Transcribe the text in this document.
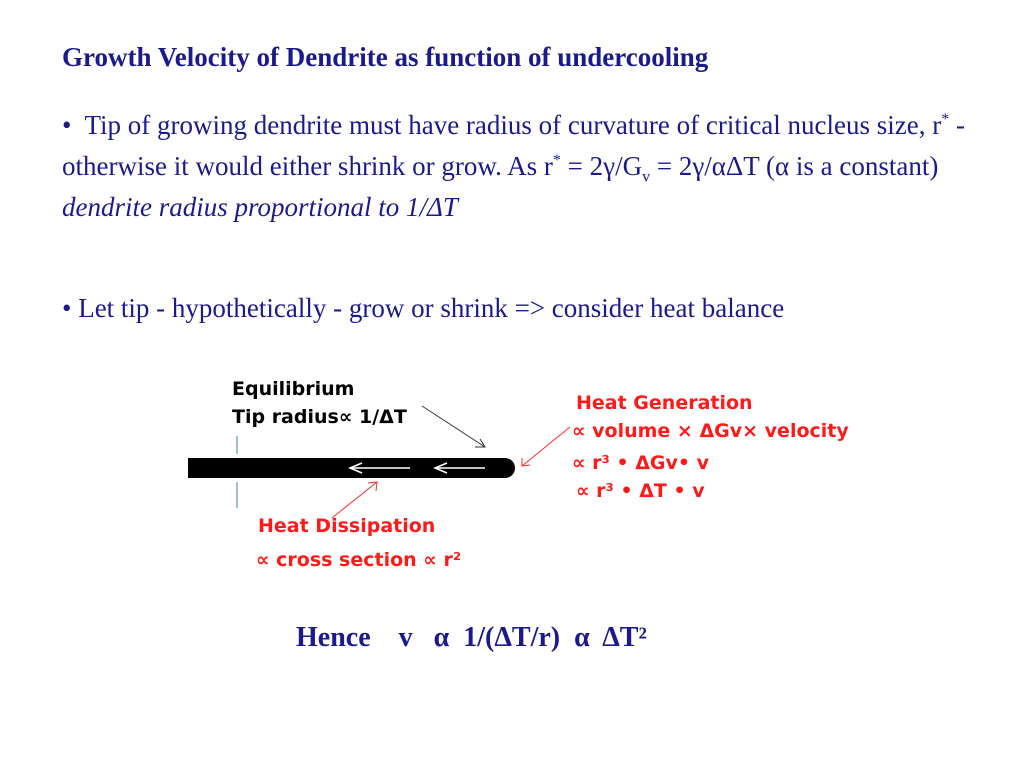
Growth Velocity of Dendrite as function of undercooling
• Tip of growing dendrite must have radius of curvature of critical nucleus size, r* - otherwise it would either shrink or grow. As $r^* = 2\gamma/G_v = 2\gamma/\alpha\Delta T$ (α is a constant) dendrite radius proportional to 1/ΔT
• Let tip - hypothetically - grow or shrink => consider heat balance
Equilibrium
Tip radius∝ 1/ΔT
Heat Generation
∝ volume × ΔGv× velocity
∝ r³ • ΔGv• v
∝ r³ • ΔT • v
Heat Dissipation
∝ cross section ∝ r²
Hence    v   α  1/(ΔT/r)  α  ΔT²
